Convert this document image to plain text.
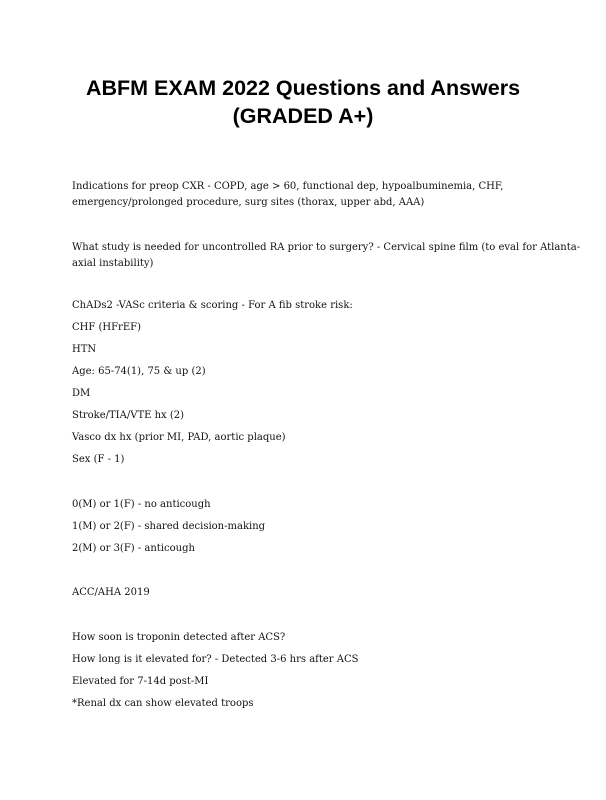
ABFM EXAM 2022 Questions and Answers
(GRADED A+)

Indications for preop CXR - COPD, age > 60, functional dep, hypoalbuminemia, CHF,

emergency/prolonged procedure, surg sites (thorax, upper abd, AAA)

What study is needed for uncontrolled RA prior to surgery? - Cervical spine film (to eval for Atlanta-

axial instability)

ChADs2 -VASc criteria & scoring - For A fib stroke risk:

CHF (HFrEF)

HTN

Age: 65-74(1), 75 & up (2)

DM

Stroke/TIA/VTE hx (2)

Vasco dx hx (prior MI, PAD, aortic plaque)

Sex (F - 1)

0(M) or 1(F) - no anticough

1(M) or 2(F) - shared decision-making

2(M) or 3(F) - anticough

ACC/AHA 2019

How soon is troponin detected after ACS?

How long is it elevated for? - Detected 3-6 hrs after ACS

Elevated for 7-14d post-MI

*Renal dx can show elevated troops
